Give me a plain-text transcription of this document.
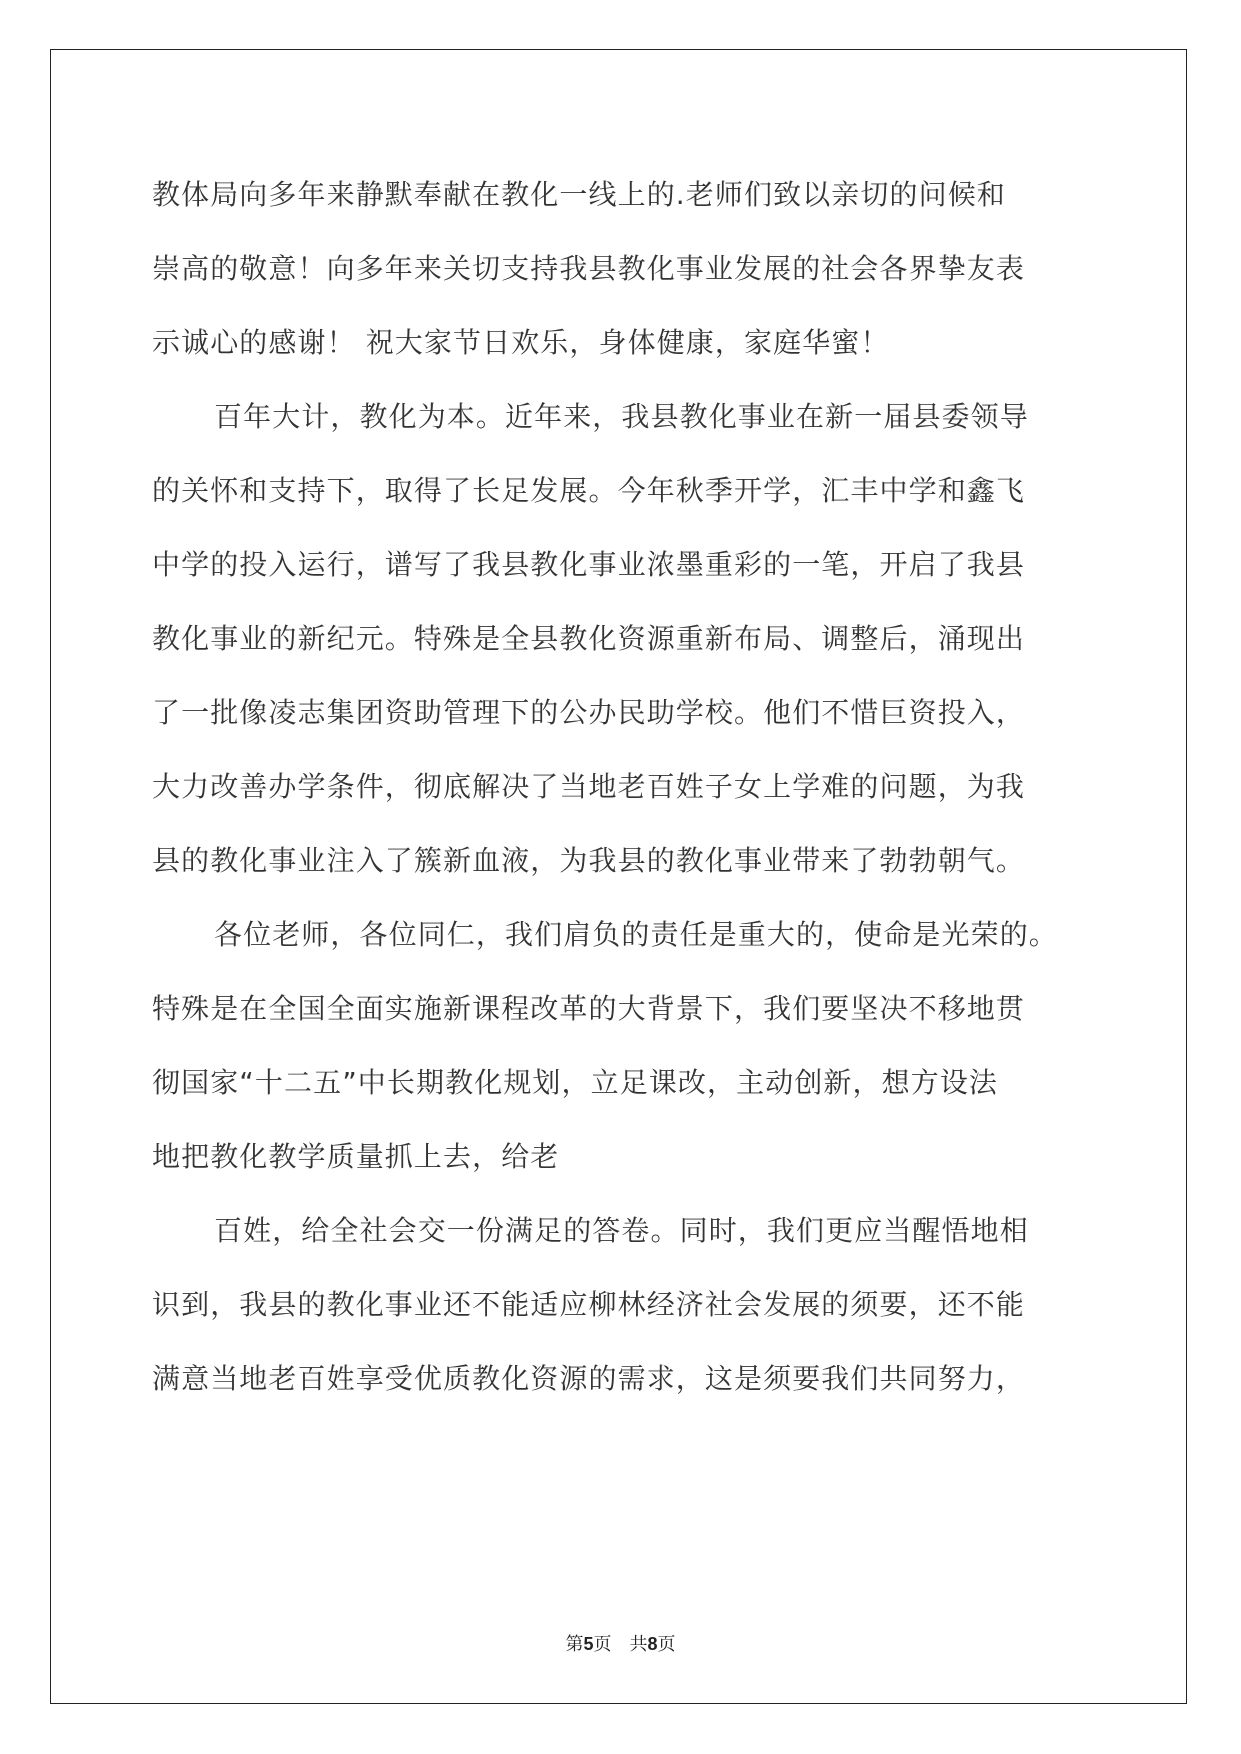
教体局向多年来静默奉献在教化一线上的.老师们致以亲切的问候和
崇高的敬意！向多年来关切支持我县教化事业发展的社会各界挚友表
示诚心的感谢！ 祝大家节日欢乐，身体健康，家庭华蜜！
百年大计，教化为本。近年来，我县教化事业在新一届县委领导
的关怀和支持下，取得了长足发展。今年秋季开学，汇丰中学和鑫飞
中学的投入运行，谱写了我县教化事业浓墨重彩的一笔，开启了我县
教化事业的新纪元。特殊是全县教化资源重新布局、调整后，涌现出
了一批像凌志集团资助管理下的公办民助学校。他们不惜巨资投入，
大力改善办学条件，彻底解决了当地老百姓子女上学难的问题，为我
县的教化事业注入了簇新血液，为我县的教化事业带来了勃勃朝气。
各位老师，各位同仁，我们肩负的责任是重大的，使命是光荣的。
特殊是在全国全面实施新课程改革的大背景下，我们要坚决不移地贯
彻国家“十二五”中长期教化规划，立足课改，主动创新，想方设法
地把教化教学质量抓上去，给老
百姓，给全社会交一份满足的答卷。同时，我们更应当醒悟地相
识到，我县的教化事业还不能适应柳林经济社会发展的须要，还不能
满意当地老百姓享受优质教化资源的需求，这是须要我们共同努力，
第5页 共8页
